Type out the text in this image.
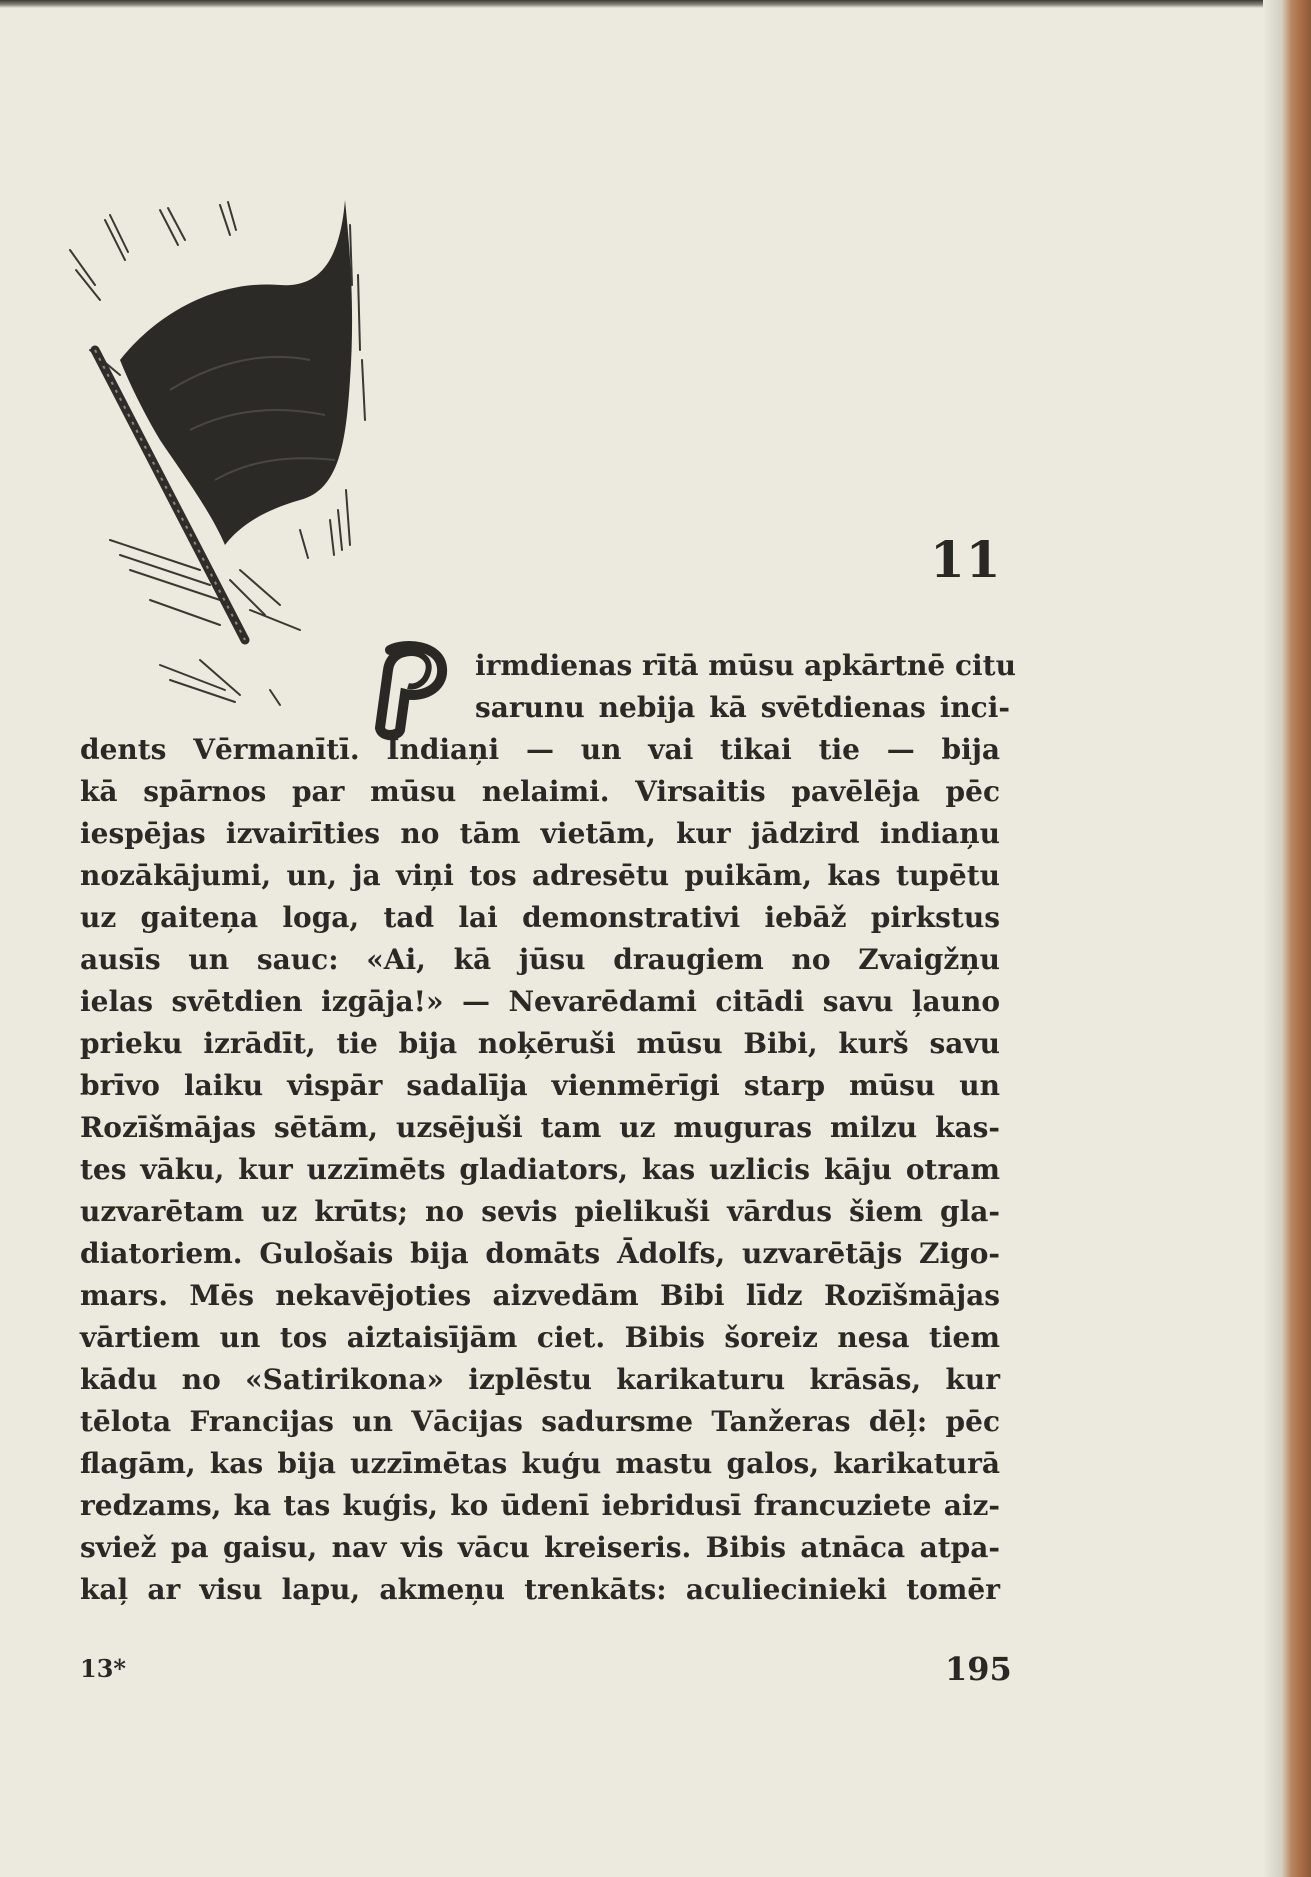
11
irmdienas rītā mūsu apkārtnē citu
sarunu nebija kā svētdienas inci-
dents Vērmanītī. Indiaņi — un vai tikai tie — bija
kā spārnos par mūsu nelaimi. Virsaitis pavēlēja pēc
iespējas izvairīties no tām vietām, kur jādzird indiaņu
nozākājumi, un, ja viņi tos adresētu puikām, kas tupētu
uz gaiteņa loga, tad lai demonstrativi iebāž pirkstus
ausīs un sauc: «Ai, kā jūsu draugiem no Zvaigžņu
ielas svētdien izgāja!» — Nevarēdami citādi savu ļauno
prieku izrādīt, tie bija noķēruši mūsu Bibi, kurš savu
brīvo laiku vispār sadalīja vienmērīgi starp mūsu un
Rozīšmājas sētām, uzsējuši tam uz muguras milzu kas-
tes vāku, kur uzzīmēts gladiators, kas uzlicis kāju otram
uzvarētam uz krūts; no sevis pielikuši vārdus šiem gla-
diatoriem. Gulošais bija domāts Ādolfs, uzvarētājs Zigo-
mars. Mēs nekavējoties aizvedām Bibi līdz Rozīšmājas
vārtiem un tos aiztaisījām ciet. Bibis šoreiz nesa tiem
kādu no «Satirikona» izplēstu karikaturu krāsās, kur
tēlota Francijas un Vācijas sadursme Tanžeras dēļ: pēc
flagām, kas bija uzzīmētas kuģu mastu galos, karikaturā
redzams, ka tas kuģis, ko ūdenī iebridusī francuziete aiz-
sviež pa gaisu, nav vis vācu kreiseris. Bibis atnāca atpa-
kaļ ar visu lapu, akmeņu trenkāts: aculiecinieki tomēr
13*	195
